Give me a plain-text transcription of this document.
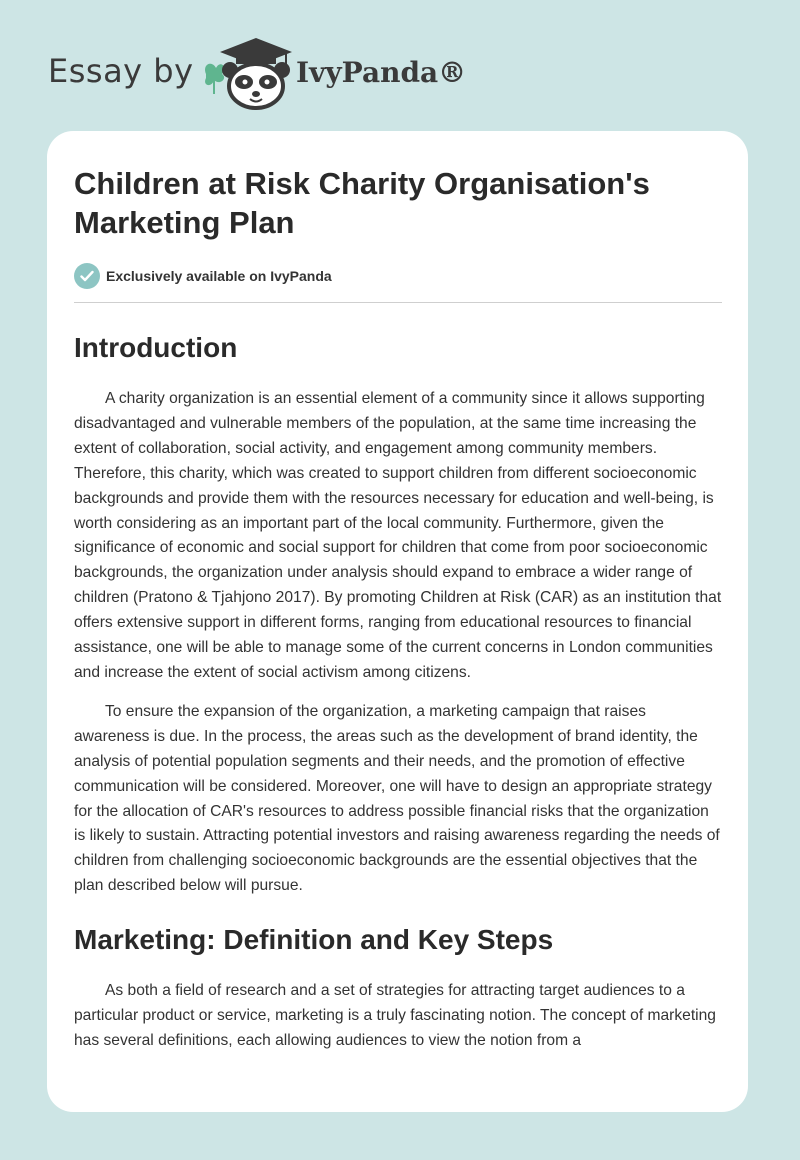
Essay by	IvyPanda®
Children at Risk Charity Organisation's Marketing Plan
Exclusively available on IvyPanda
Introduction

A charity organization is an essential element of a community since it allows supporting disadvantaged and vulnerable members of the population, at the same time increasing the extent of collaboration, social activity, and engagement among community members. Therefore, this charity, which was created to support children from different socioeconomic backgrounds and provide them with the resources necessary for education and well-being, is worth considering as an important part of the local community. Furthermore, given the significance of economic and social support for children that come from poor socioeconomic backgrounds, the organization under analysis should expand to embrace a wider range of children (Pratono & Tjahjono 2017). By promoting Children at Risk (CAR) as an institution that offers extensive support in different forms, ranging from educational resources to financial assistance, one will be able to manage some of the current concerns in London communities and increase the extent of social activism among citizens.

To ensure the expansion of the organization, a marketing campaign that raises awareness is due. In the process, the areas such as the development of brand identity, the analysis of potential population segments and their needs, and the promotion of effective communication will be considered. Moreover, one will have to design an appropriate strategy for the allocation of CAR's resources to address possible financial risks that the organization is likely to sustain. Attracting potential investors and raising awareness regarding the needs of children from challenging socioeconomic backgrounds are the essential objectives that the plan described below will pursue.

Marketing: Definition and Key Steps

As both a field of research and a set of strategies for attracting target audiences to a particular product or service, marketing is a truly fascinating notion. The concept of marketing has several definitions, each allowing audiences to view the notion from a
